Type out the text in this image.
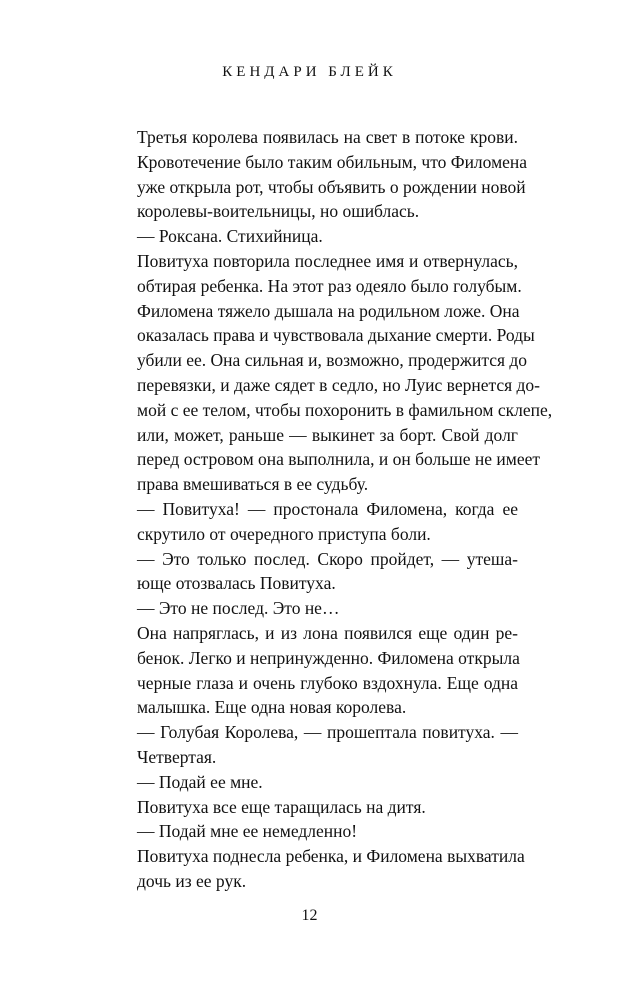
КЕНДАРИ БЛЕЙК

Третья королева появилась на свет в потоке крови.
Кровотечение было таким обильным, что Филомена
уже открыла рот, чтобы объявить о рождении новой
королевы-воительницы, но ошиблась.

— Роксана. Стихийница.

Повитуха повторила последнее имя и отвернулась,
обтирая ребенка. На этот раз одеяло было голубым.
Филомена тяжело дышала на родильном ложе. Она
оказалась права и чувствовала дыхание смерти. Роды
убили ее. Она сильная и, возможно, продержится до
перевязки, и даже сядет в седло, но Луис вернется до-
мой с ее телом, чтобы похоронить в фамильном склепе,
или, может, раньше — выкинет за борт. Свой долг
перед островом она выполнила, и он больше не имеет
права вмешиваться в ее судьбу.

— Повитуха! — простонала Филомена, когда ее
скрутило от очередного приступа боли.

— Это только послед. Скоро пройдет, — утеша-
юще отозвалась Повитуха.

— Это не послед. Это не…

Она напряглась, и из лона появился еще один ре-
бенок. Легко и непринужденно. Филомена открыла
черные глаза и очень глубоко вздохнула. Еще одна
малышка. Еще одна новая королева.

— Голубая Королева, — прошептала повитуха. —
Четвертая.

— Подай ее мне.

Повитуха все еще таращилась на дитя.

— Подай мне ее немедленно!

Повитуха поднесла ребенка, и Филомена выхватила
дочь из ее рук.

12
